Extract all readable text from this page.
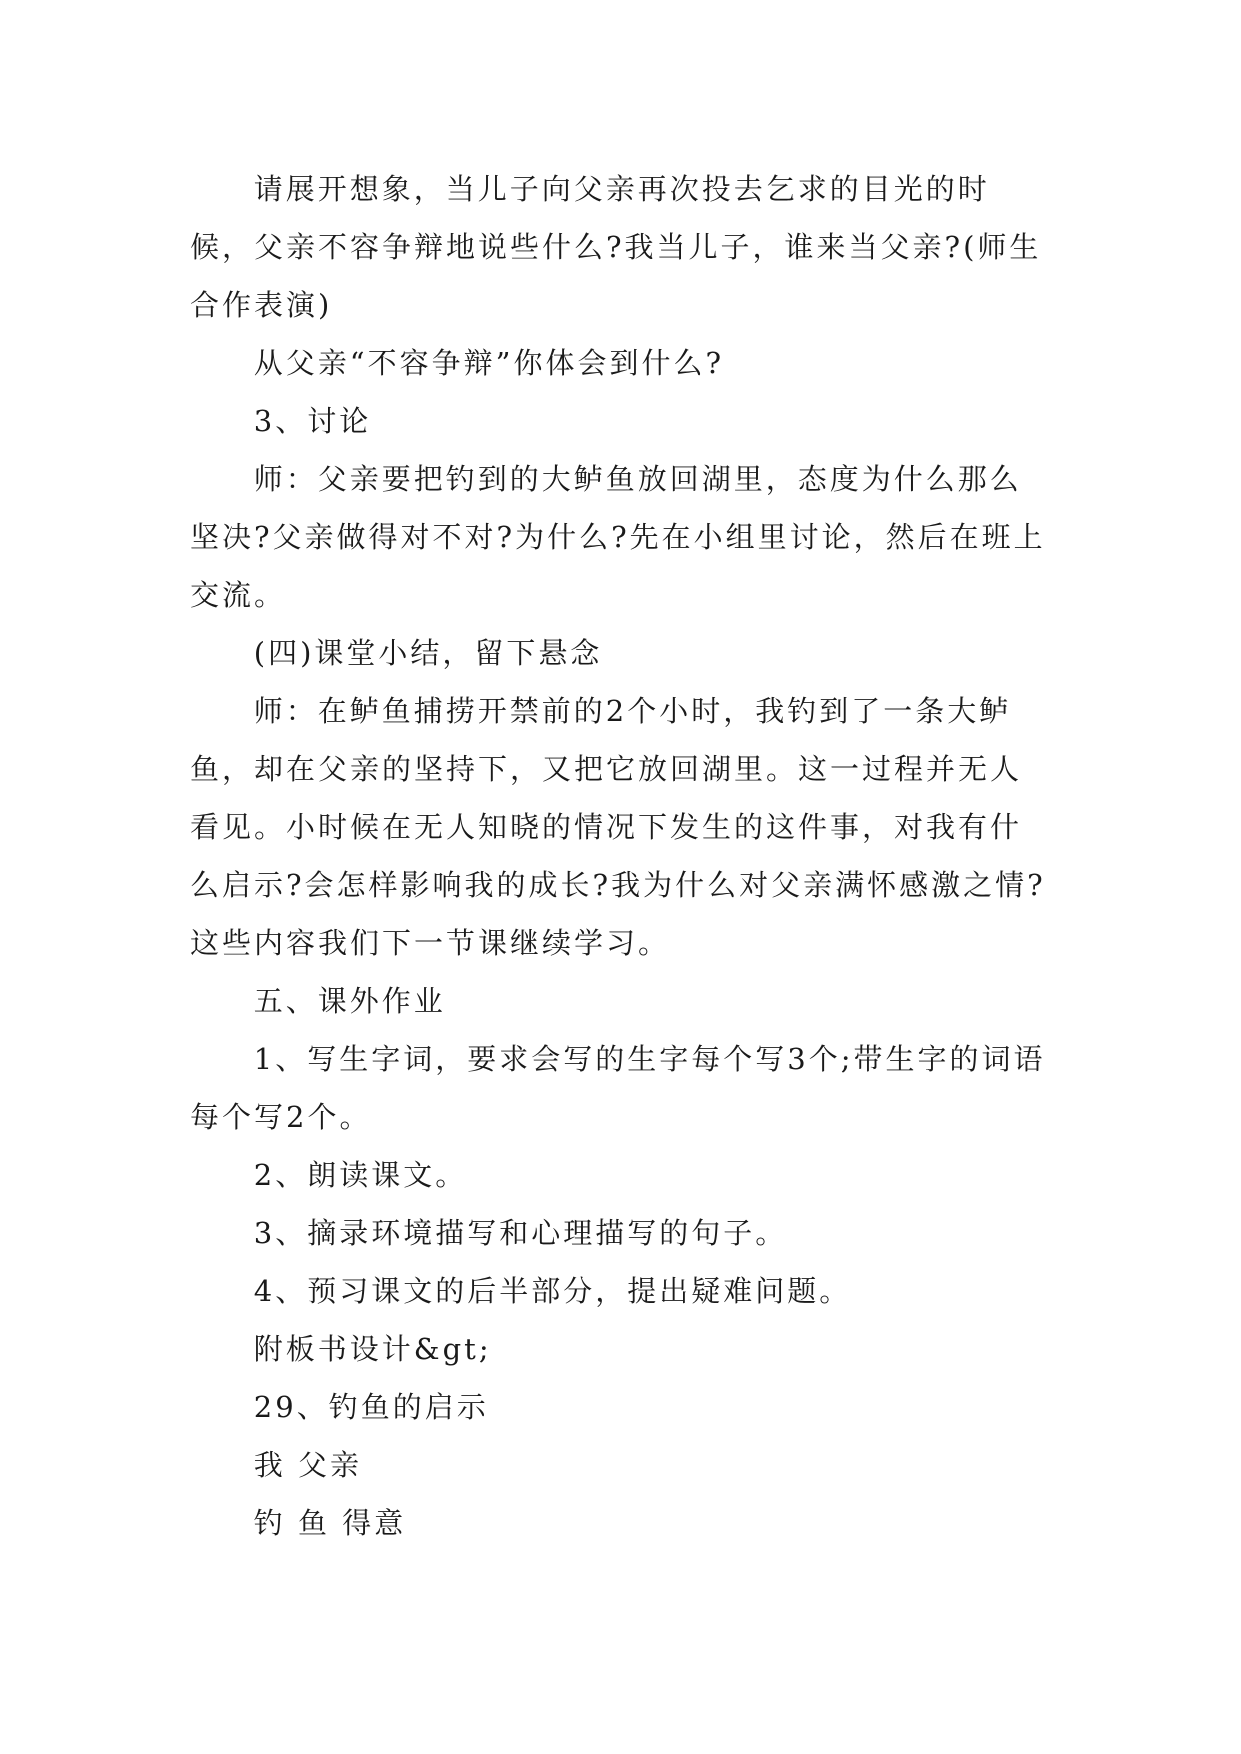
请展开想象，当儿子向父亲再次投去乞求的目光的时候，父亲不容争辩地说些什么?我当儿子，谁来当父亲?(师生合作表演)

从父亲“不容争辩”你体会到什么?

3、讨论

师：父亲要把钓到的大鲈鱼放回湖里，态度为什么那么坚决?父亲做得对不对?为什么?先在小组里讨论，然后在班上交流。

(四)课堂小结，留下悬念

师：在鲈鱼捕捞开禁前的2个小时，我钓到了一条大鲈鱼，却在父亲的坚持下，又把它放回湖里。这一过程并无人看见。小时候在无人知晓的情况下发生的这件事，对我有什么启示?会怎样影响我的成长?我为什么对父亲满怀感激之情?这些内容我们下一节课继续学习。

五、课外作业

1、写生字词，要求会写的生字每个写3个;带生字的词语每个写2个。

2、朗读课文。

3、摘录环境描写和心理描写的句子。

4、预习课文的后半部分，提出疑难问题。

附板书设计&gt;

29、钓鱼的启示

我 父亲

钓 鱼 得意
